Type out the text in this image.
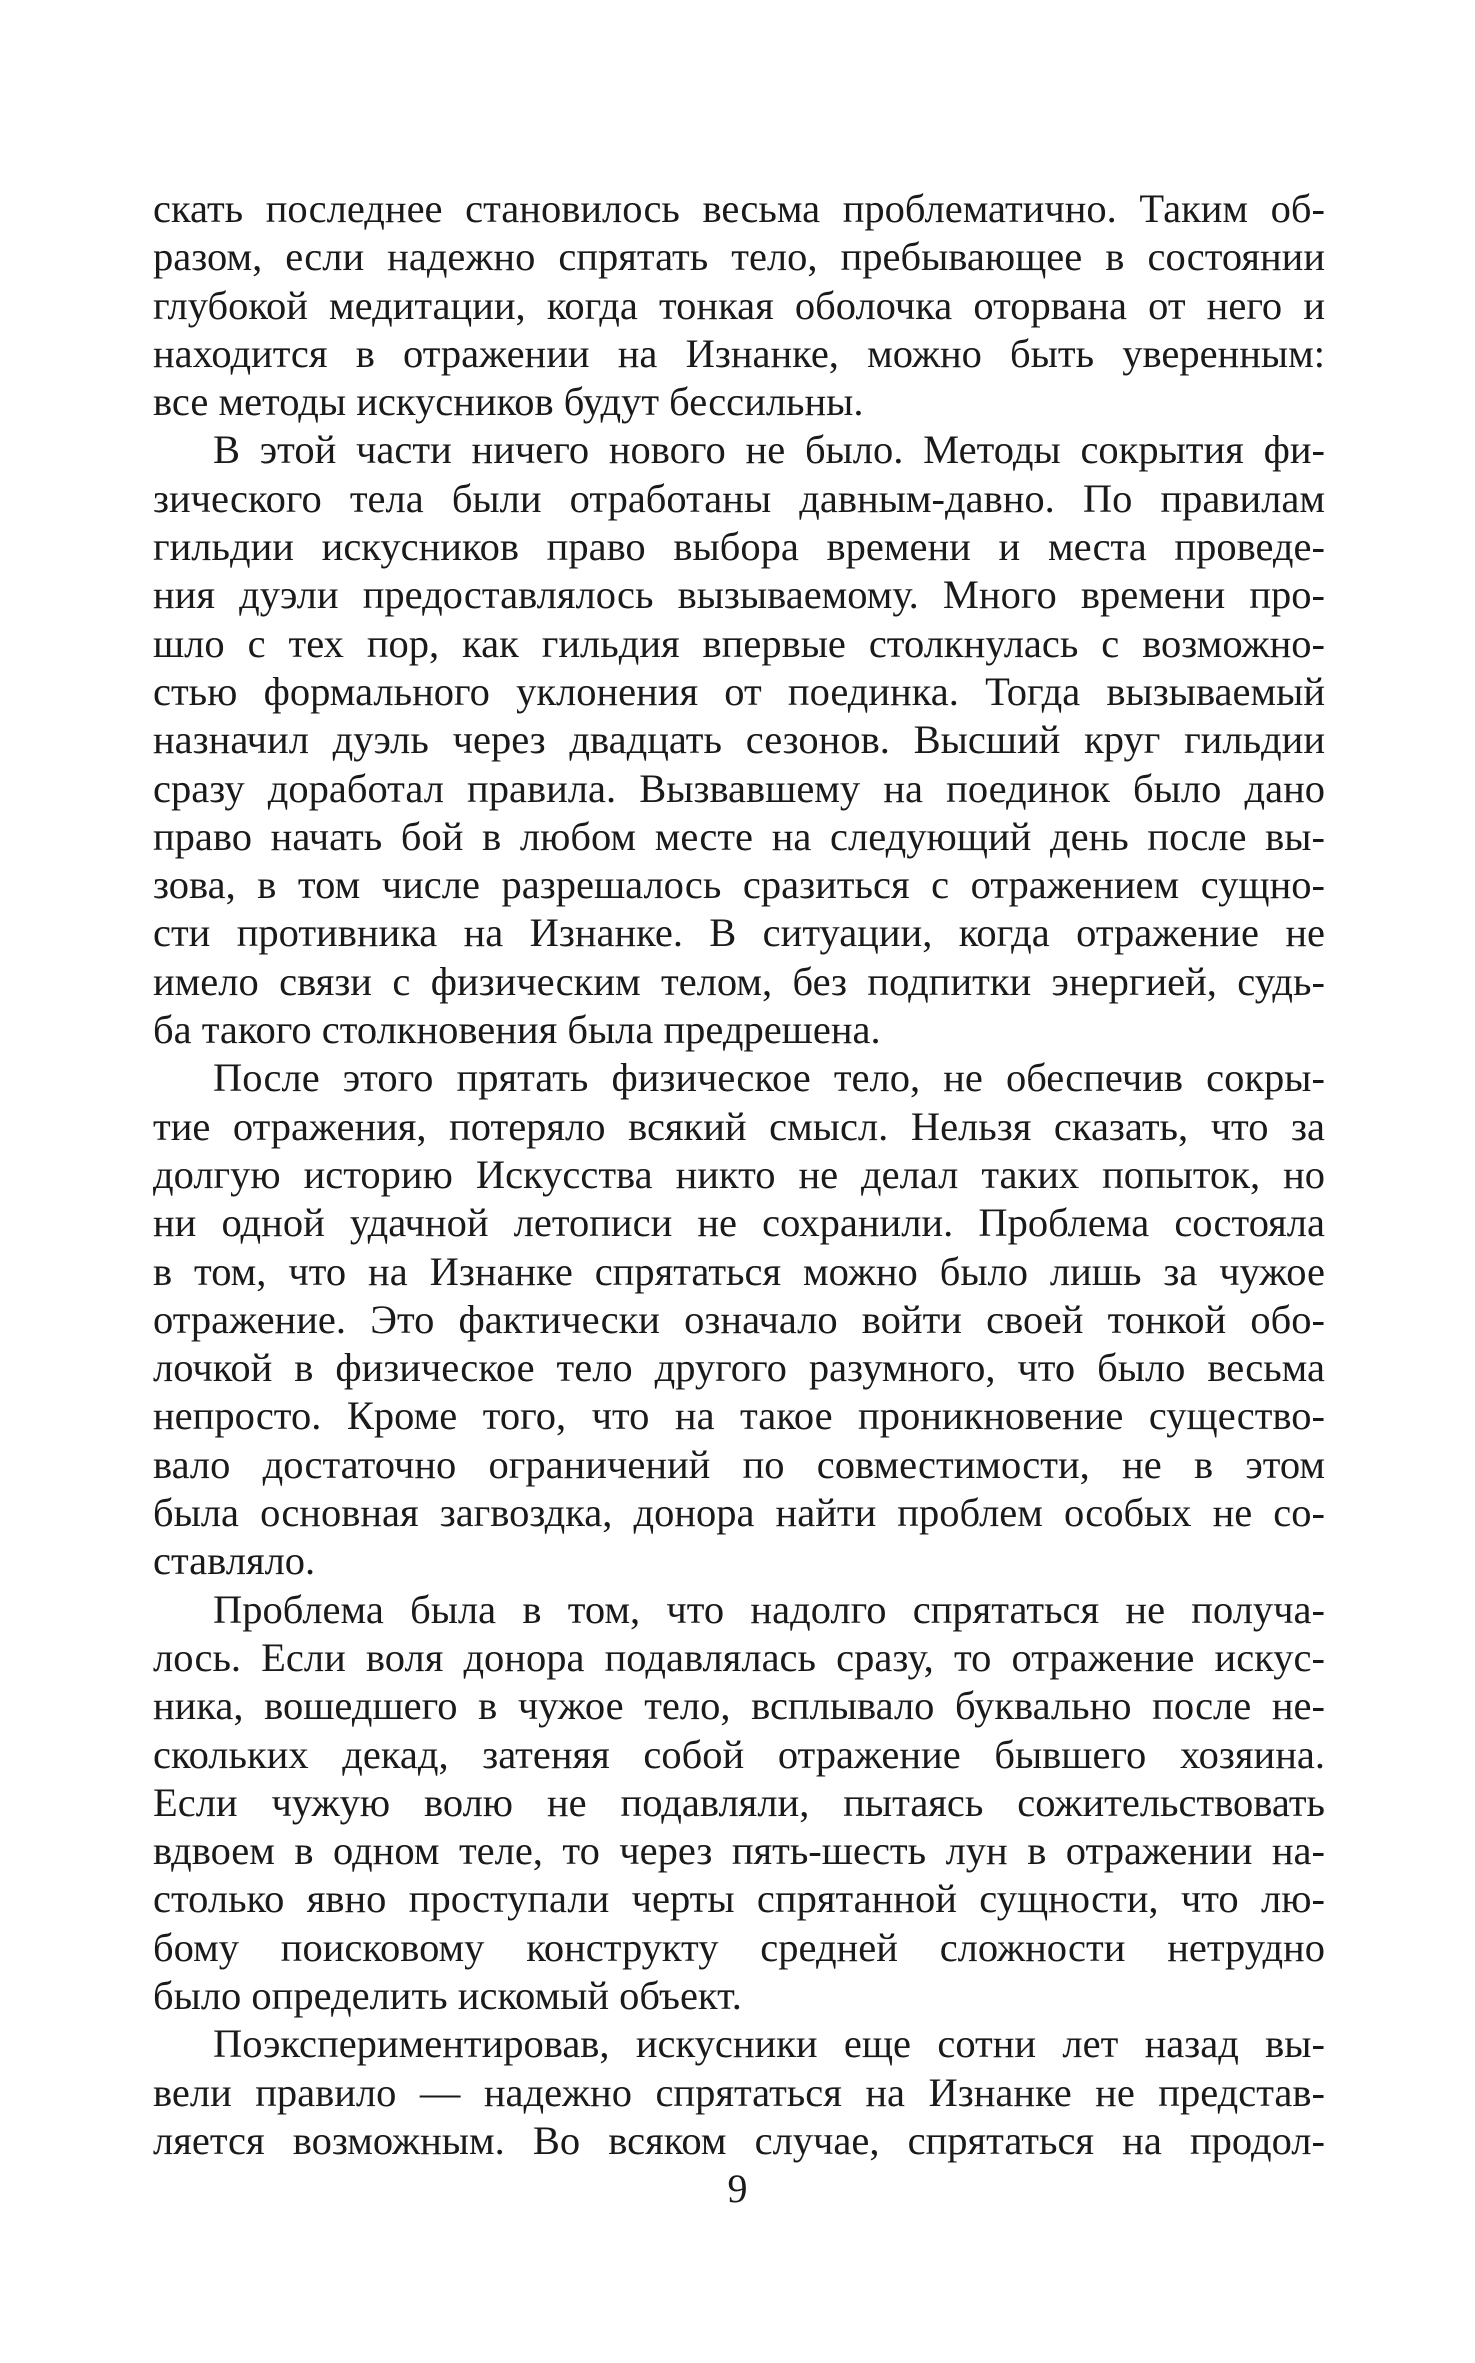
скать последнее становилось весьма проблематично. Таким об-
разом, если надежно спрятать тело, пребывающее в состоянии
глубокой медитации, когда тонкая оболочка оторвана от него и
находится в отражении на Изнанке, можно быть уверенным:
все методы искусников будут бессильны.
В этой части ничего нового не было. Методы сокрытия фи-
зического тела были отработаны давным-давно. По правилам
гильдии искусников право выбора времени и места проведе-
ния дуэли предоставлялось вызываемому. Много времени про-
шло с тех пор, как гильдия впервые столкнулась с возможно-
стью формального уклонения от поединка. Тогда вызываемый
назначил дуэль через двадцать сезонов. Высший круг гильдии
сразу доработал правила. Вызвавшему на поединок было дано
право начать бой в любом месте на следующий день после вы-
зова, в том числе разрешалось сразиться с отражением сущно-
сти противника на Изнанке. В ситуации, когда отражение не
имело связи с физическим телом, без подпитки энергией, судь-
ба такого столкновения была предрешена.
После этого прятать физическое тело, не обеспечив сокры-
тие отражения, потеряло всякий смысл. Нельзя сказать, что за
долгую историю Искусства никто не делал таких попыток, но
ни одной удачной летописи не сохранили. Проблема состояла
в том, что на Изнанке спрятаться можно было лишь за чужое
отражение. Это фактически означало войти своей тонкой обо-
лочкой в физическое тело другого разумного, что было весьма
непросто. Кроме того, что на такое проникновение существо-
вало достаточно ограничений по совместимости, не в этом
была основная загвоздка, донора найти проблем особых не со-
ставляло.
Проблема была в том, что надолго спрятаться не получа-
лось. Если воля донора подавлялась сразу, то отражение искус-
ника, вошедшего в чужое тело, всплывало буквально после не-
скольких декад, затеняя собой отражение бывшего хозяина.
Если чужую волю не подавляли, пытаясь сожительствовать
вдвоем в одном теле, то через пять-шесть лун в отражении на-
столько явно проступали черты спрятанной сущности, что лю-
бому поисковому конструкту средней сложности нетрудно
было определить искомый объект.
Поэкспериментировав, искусники еще сотни лет назад вы-
вели правило — надежно спрятаться на Изнанке не представ-
ляется возможным. Во всяком случае, спрятаться на продол-
9
